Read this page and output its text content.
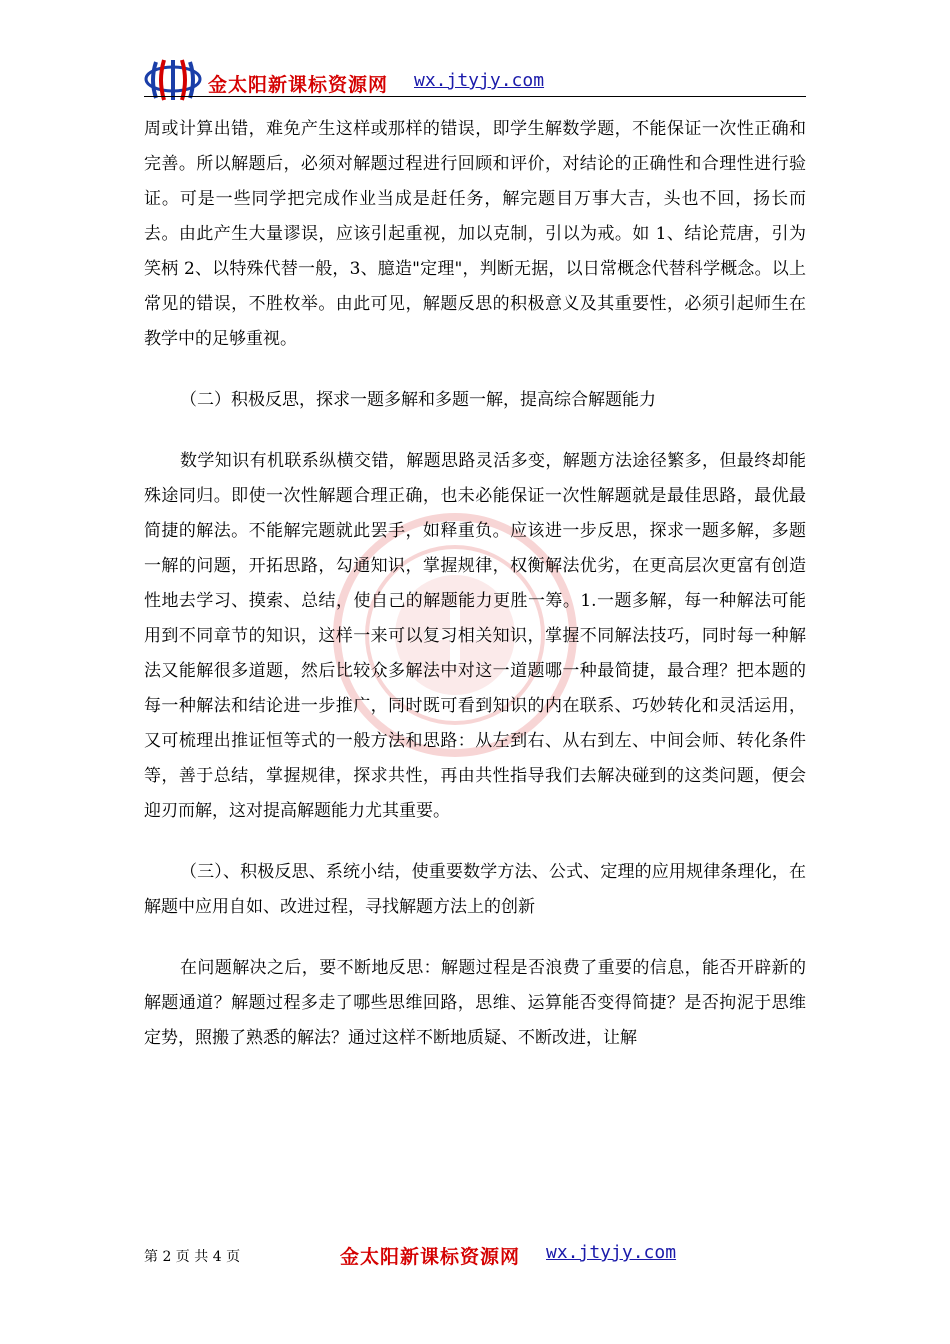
金太阳新课标资源网 wx.jtyjy.com

周或计算出错，难免产生这样或那样的错误，即学生解数学题，不能保证一次性正确和完善。所以解题后，必须对解题过程进行回顾和评价，对结论的正确性和合理性进行验证。可是一些同学把完成作业当成是赶任务，解完题目万事大吉，头也不回，扬长而去。由此产生大量谬误，应该引起重视，加以克制，引以为戒。如 1、结论荒唐，引为笑柄 2、以特殊代替一般，3、臆造"定理"，判断无据，以日常概念代替科学概念。以上常见的错误，不胜枚举。由此可见，解题反思的积极意义及其重要性，必须引起师生在教学中的足够重视。

（二）积极反思，探求一题多解和多题一解，提高综合解题能力

数学知识有机联系纵横交错，解题思路灵活多变，解题方法途径繁多，但最终却能殊途同归。即使一次性解题合理正确，也未必能保证一次性解题就是最佳思路，最优最简捷的解法。不能解完题就此罢手，如释重负。应该进一步反思，探求一题多解，多题一解的问题，开拓思路，勾通知识，掌握规律，权衡解法优劣，在更高层次更富有创造性地去学习、摸索、总结，使自己的解题能力更胜一筹。1.一题多解，每一种解法可能用到不同章节的知识，这样一来可以复习相关知识，掌握不同解法技巧，同时每一种解法又能解很多道题，然后比较众多解法中对这一道题哪一种最简捷，最合理？把本题的每一种解法和结论进一步推广，同时既可看到知识的内在联系、巧妙转化和灵活运用，又可梳理出推证恒等式的一般方法和思路：从左到右、从右到左、中间会师、转化条件等，善于总结，掌握规律，探求共性，再由共性指导我们去解决碰到的这类问题，便会迎刃而解，这对提高解题能力尤其重要。

（三）、积极反思、系统小结，使重要数学方法、公式、定理的应用规律条理化，在解题中应用自如、改进过程，寻找解题方法上的创新

在问题解决之后，要不断地反思：解题过程是否浪费了重要的信息，能否开辟新的解题通道？解题过程多走了哪些思维回路，思维、运算能否变得简捷？是否拘泥于思维定势，照搬了熟悉的解法？通过这样不断地质疑、不断改进，让解

第 2 页 共 4 页	金太阳新课标资源网 wx.jtyjy.com
